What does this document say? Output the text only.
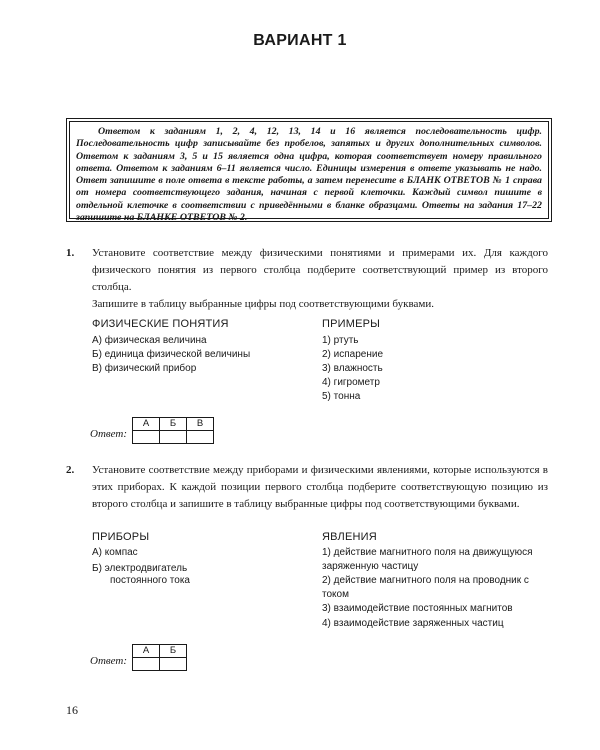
ВАРИАНТ 1
Ответом к заданиям 1, 2, 4, 12, 13, 14 и 16 является последовательность цифр. Последовательность цифр записывайте без пробелов, запятых и других дополнительных символов. Ответом к заданиям 3, 5 и 15 является одна цифра, которая соответствует номеру правильного ответа. Ответом к заданиям 6–11 является число. Единицы измерения в ответе указывать не надо. Ответ запишите в поле ответа в тексте работы, а затем перенесите в БЛАНК ОТВЕТОВ № 1 справа от номера соответствующего задания, начиная с первой клеточки. Каждый символ пишите в отдельной клеточке в соответствии с приведёнными в бланке образцами. Ответы на задания 17–22 запишите на БЛАНКЕ ОТВЕТОВ № 2.
1. Установите соответствие между физическими понятиями и примерами их. Для каждого физического понятия из первого столбца подберите соответствующий пример из второго столбца.
Запишите в таблицу выбранные цифры под соответствующими буквами.
ФИЗИЧЕСКИЕ ПОНЯТИЯ
А) физическая величина
Б) единица физической величины
В) физический прибор
ПРИМЕРЫ
1) ртуть
2) испарение
3) влажность
4) гигрометр
5) тонна
Ответ:
А	Б	В

2. Установите соответствие между приборами и физическими явлениями, которые используются в этих приборах. К каждой позиции первого столбца подберите соответствующую позицию из второго столбца и запишите в таблицу выбранные цифры под соответствующими буквами.
ПРИБОРЫ
А) компас
Б) электродвигатель
постоянного тока
ЯВЛЕНИЯ
1) действие магнитного поля на движущуюся заряженную частицу
2) действие магнитного поля на проводник с током
3) взаимодействие постоянных магнитов
4) взаимодействие заряженных частиц
Ответ:
А	Б

16
